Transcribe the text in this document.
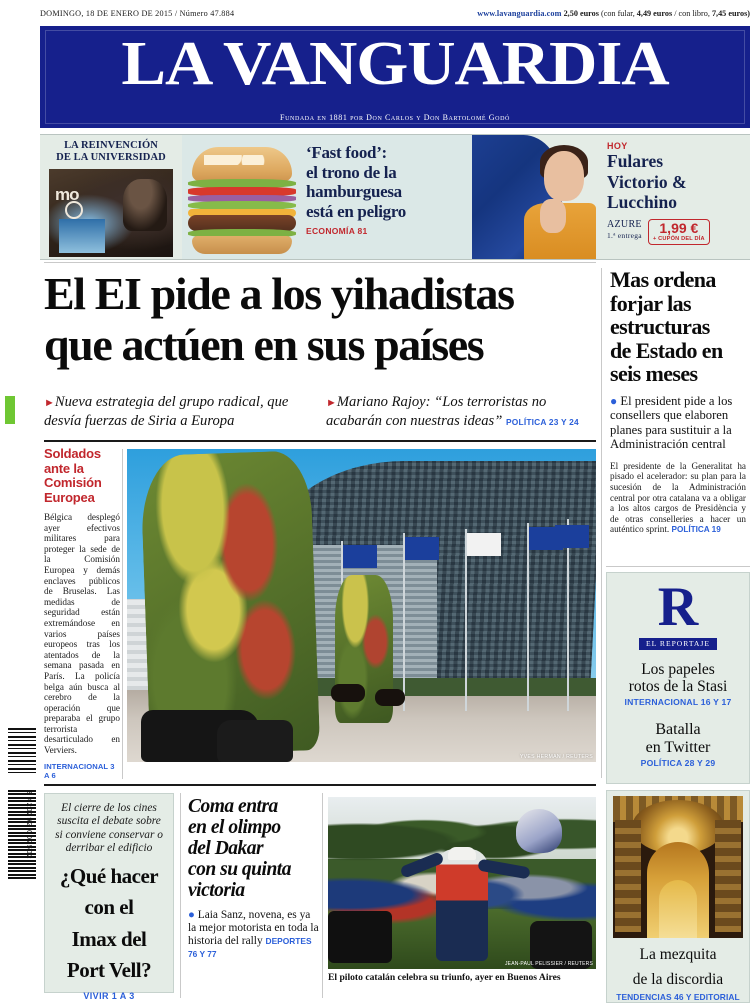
DOMINGO, 18 DE ENERO DE 2015 / Número 47.884	www.lavanguardia.com 2,50 euros (con fular, 4,49 euros / con libro, 7,45 euros)
LA VANGUARDIA
Fundada en 1881 por Don Carlos y Don Bartolomé Godó
LA REINVENCIÓN
DE LA UNIVERSIDAD
mo
‘Fast food’:
el trono de la
hamburguesa
está en peligro
ECONOMÍA 81
HOY
Fulares
Victorio &
Lucchino
AZURE
1.ª entrega	1,99 €
+ CUPÓN DEL DÍA
El EI pide a los yihadistas
que actúen en sus países
►Nueva estrategia del grupo radical, que desvía fuerzas de Siria a Europa
►Mariano Rajoy: “Los terroristas no acabarán con nuestras ideas” POLÍTICA 23 Y 24
Soldados
ante la
Comisión
Europea

Bélgica desplegó ayer efectivos militares para proteger la sede de la Comisión Europea y demás enclaves públicos de Bruselas. Las medidas de seguridad están extremándose en varios países europeos tras los atentados de la semana pasada en París. La policía belga aún busca al cerebro de la operación que preparaba el grupo terrorista desarticulado en Verviers.

INTERNACIONAL 3 A 6
YVES HERMAN / REUTERS
Mas ordena
forjar las
estructuras
de Estado en
seis meses

● El president pide a los consellers que elaboren planes para sustituir a la Administración central

El presidente de la Generalitat ha pisado el acelerador: su plan para la sucesión de la Administración central por otra catalana va a obligar a los altos cargos de Presidència y de otras conselleries a hacer un auténtico sprint. POLÍTICA 19

R
EL REPORTAJE
Los papeles
rotos de la Stasi
INTERNACIONAL 16 Y 17
Batalla
en Twitter
POLÍTICA 28 Y 29
La mezquita
de la discordia
TENDENCIAS 46 Y EDITORIAL
El cierre de los cines suscita el debate sobre si conviene conservar o derribar el edificio
¿Qué hacer
con el
Imax del
Port Vell?
VIVIR 1 A 3
Coma entra
en el olimpo
del Dakar
con su quinta
victoria
● Laia Sanz, novena, es ya la mejor motorista en toda la historia del rally DEPORTES 76 Y 77
JEAN-PAUL PELISSIER / REUTERS
El piloto catalán celebra su triunfo, ayer en Buenos Aires
8 420292 002502
